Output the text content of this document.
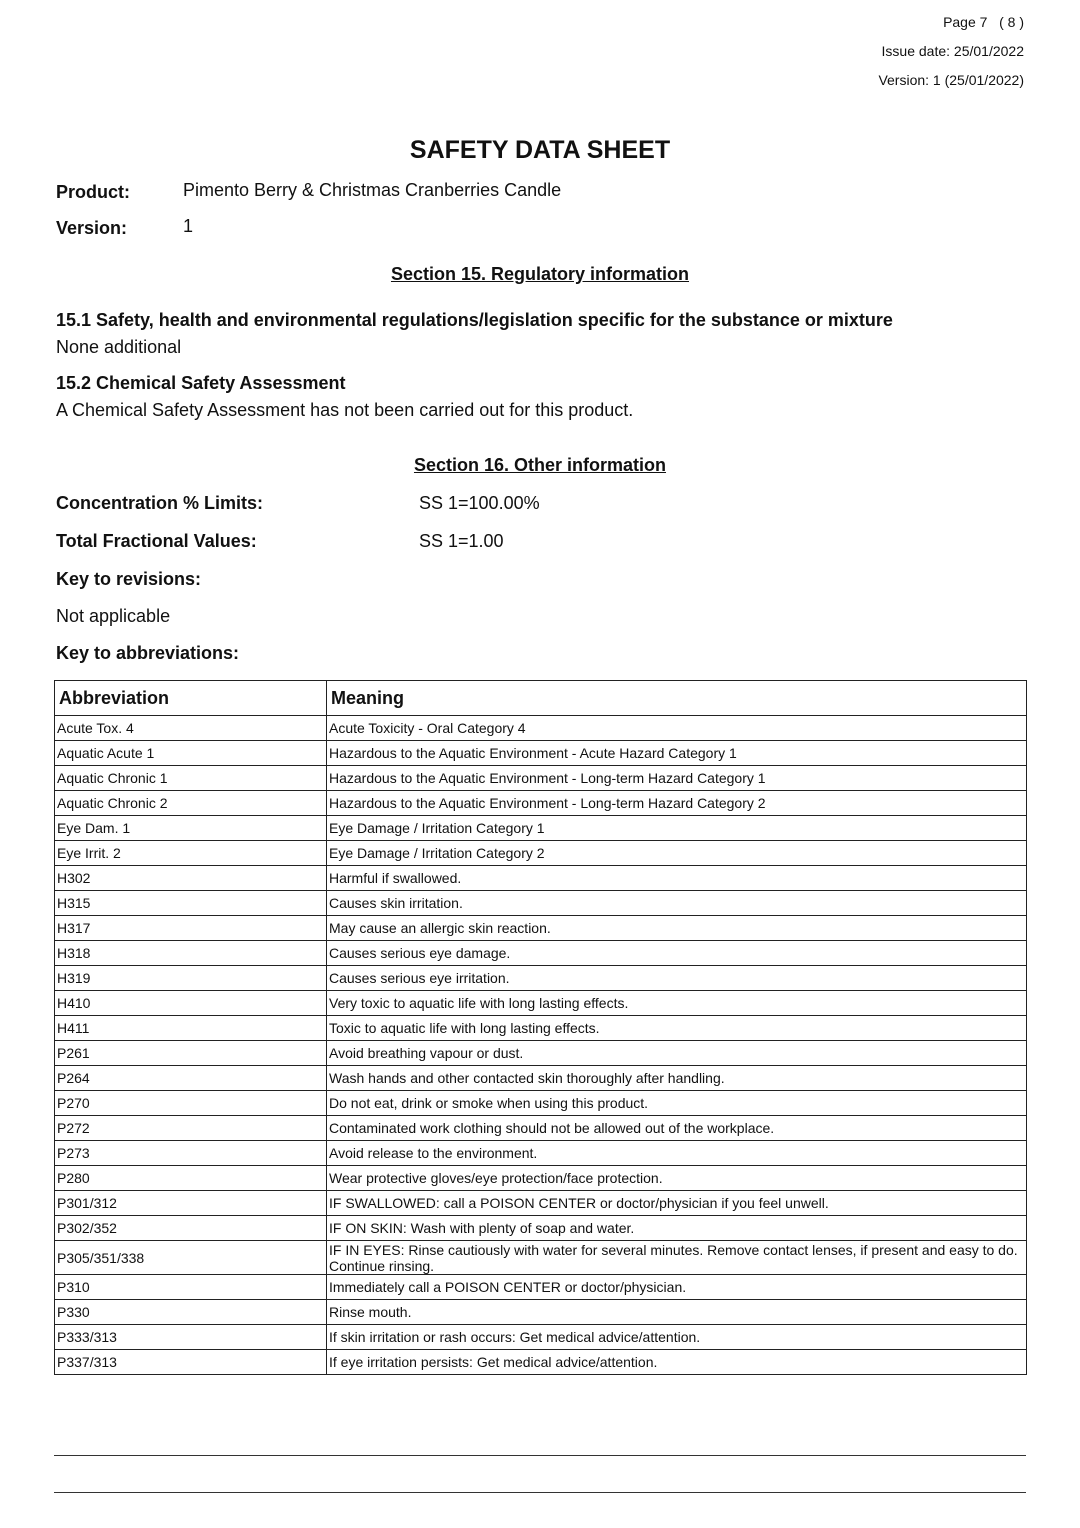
Page 7   ( 8 )
Issue date: 25/01/2022
Version: 1 (25/01/2022)
SAFETY DATA SHEET
Product:	Pimento Berry & Christmas Cranberries Candle
Version:	1
Section 15. Regulatory information
15.1 Safety, health and environmental regulations/legislation specific for the substance or mixture
None additional
15.2 Chemical Safety Assessment
A Chemical Safety Assessment has not been carried out for this product.
Section 16. Other information
Concentration % Limits:	SS 1=100.00%
Total Fractional Values:	SS 1=1.00
Key to revisions:
Not applicable
Key to abbreviations:
Abbreviation	Meaning
Acute Tox. 4	Acute Toxicity - Oral Category 4
Aquatic Acute 1	Hazardous to the Aquatic Environment - Acute Hazard Category 1
Aquatic Chronic 1	Hazardous to the Aquatic Environment - Long-term Hazard Category 1
Aquatic Chronic 2	Hazardous to the Aquatic Environment - Long-term Hazard Category 2
Eye Dam. 1	Eye Damage / Irritation Category 1
Eye Irrit. 2	Eye Damage / Irritation Category 2
H302	Harmful if swallowed.
H315	Causes skin irritation.
H317	May cause an allergic skin reaction.
H318	Causes serious eye damage.
H319	Causes serious eye irritation.
H410	Very toxic to aquatic life with long lasting effects.
H411	Toxic to aquatic life with long lasting effects.
P261	Avoid breathing vapour or dust.
P264	Wash hands and other contacted skin thoroughly after handling.
P270	Do not eat, drink or smoke when using this product.
P272	Contaminated work clothing should not be allowed out of the workplace.
P273	Avoid release to the environment.
P280	Wear protective gloves/eye protection/face protection.
P301/312	IF SWALLOWED: call a POISON CENTER or doctor/physician if you feel unwell.
P302/352	IF ON SKIN: Wash with plenty of soap and water.
P305/351/338	IF IN EYES: Rinse cautiously with water for several minutes. Remove contact lenses, if present and easy to do. Continue rinsing.
P310	Immediately call a POISON CENTER or doctor/physician.
P330	Rinse mouth.
P333/313	If skin irritation or rash occurs: Get medical advice/attention.
P337/313	If eye irritation persists: Get medical advice/attention.
